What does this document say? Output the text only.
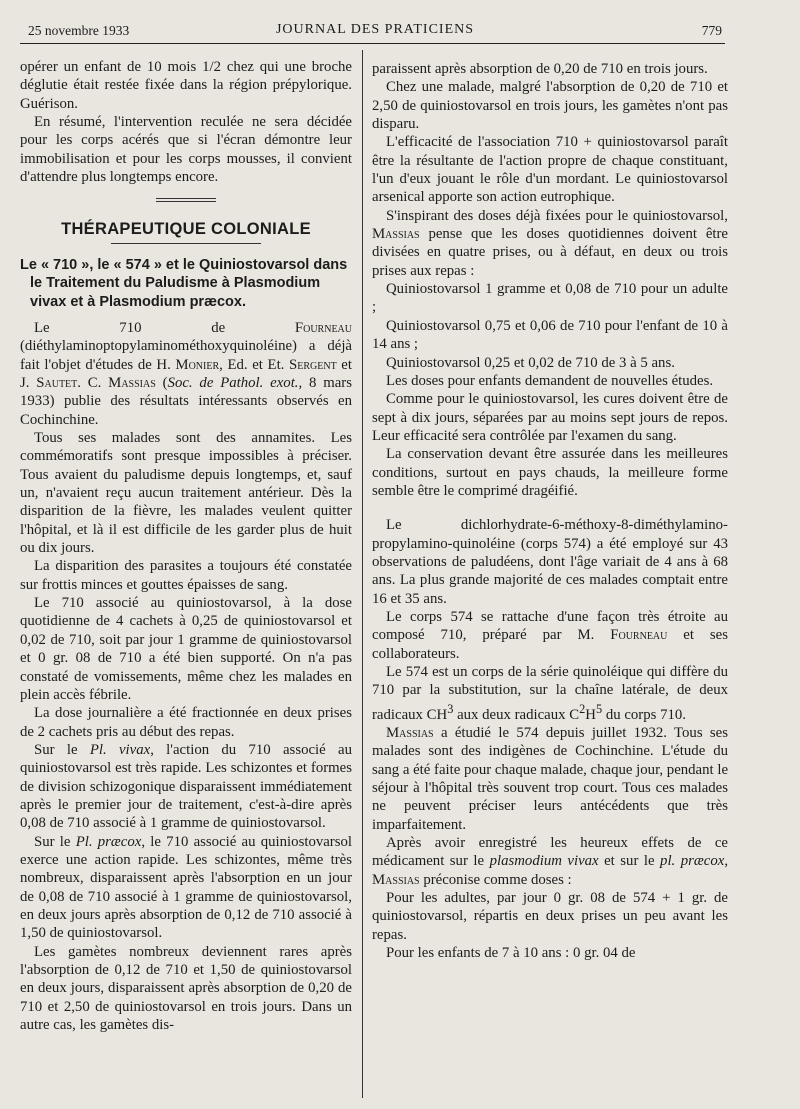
25 novembre 1933	JOURNAL DES PRATICIENS	779

opérer un enfant de 10 mois 1/2 chez qui une broche déglutie était restée fixée dans la région prépylorique. Guérison.

En résumé, l'intervention reculée ne sera décidée pour les corps acérés que si l'écran démontre leur immobilisation et pour les corps mousses, il convient d'attendre plus longtemps encore.

THÉRAPEUTIQUE COLONIALE
Le « 710 », le « 574 » et le Quiniostovarsol dans le Traitement du Paludisme à Plasmodium vivax et à Plasmodium præcox.

Le 710 de Fourneau (diéthylaminoptopylaminométhoxyquinoléine) a déjà fait l'objet d'études de H. Monier, Ed. et Et. Sergent et J. Sautet. C. Massias (Soc. de Pathol. exot., 8 mars 1933) publie des résultats intéressants observés en Cochinchine.

Tous ses malades sont des annamites. Les commémoratifs sont presque impossibles à préciser. Tous avaient du paludisme depuis longtemps, et, sauf un, n'avaient reçu aucun traitement antérieur. Dès la disparition de la fièvre, les malades veulent quitter l'hôpital, et là il est difficile de les garder plus de huit ou dix jours.

La disparition des parasites a toujours été constatée sur frottis minces et gouttes épaisses de sang.

Le 710 associé au quiniostovarsol, à la dose quotidienne de 4 cachets à 0,25 de quiniostovarsol et 0,02 de 710, soit par jour 1 gramme de quiniostovarsol et 0 gr. 08 de 710 a été bien supporté. On n'a pas constaté de vomissements, même chez les malades en plein accès fébrile.

La dose journalière a été fractionnée en deux prises de 2 cachets pris au début des repas.

Sur le Pl. vivax, l'action du 710 associé au quiniostovarsol est très rapide. Les schizontes et formes de division schizogonique disparaissent immédiatement après le premier jour de traitement, c'est-à-dire après 0,08 de 710 associé à 1 gramme de quiniostovarsol.

Sur le Pl. præcox, le 710 associé au quiniostovarsol exerce une action rapide. Les schizontes, même très nombreux, disparaissent après l'absorption en un jour de 0,08 de 710 associé à 1 gramme de quiniostovarsol, en deux jours après absorption de 0,12 de 710 associé à 1,50 de quiniostovarsol.

Les gamètes nombreux deviennent rares après l'absorption de 0,12 de 710 et 1,50 de quiniostovarsol en deux jours, disparaissent après absorption de 0,20 de 710 et 2,50 de quiniostovarsol en trois jours. Dans un autre cas, les gamètes dis-

paraissent après absorption de 0,20 de 710 en trois jours.

Chez une malade, malgré l'absorption de 0,20 de 710 et 2,50 de quiniostovarsol en trois jours, les gamètes n'ont pas disparu.

L'efficacité de l'association 710 + quiniostovarsol paraît être la résultante de l'action propre de chaque constituant, l'un d'eux jouant le rôle d'un mordant. Le quiniostovarsol arsenical apporte son action eutrophique.

S'inspirant des doses déjà fixées pour le quiniostovarsol, Massias pense que les doses quotidiennes doivent être divisées en quatre prises, ou à défaut, en deux ou trois prises aux repas :

Quiniostovarsol 1 gramme et 0,08 de 710 pour un adulte ;

Quiniostovarsol 0,75 et 0,06 de 710 pour l'enfant de 10 à 14 ans ;

Quiniostovarsol 0,25 et 0,02 de 710 de 3 à 5 ans.

Les doses pour enfants demandent de nouvelles études.

Comme pour le quiniostovarsol, les cures doivent être de sept à dix jours, séparées par au moins sept jours de repos. Leur efficacité sera contrôlée par l'examen du sang.

La conservation devant être assurée dans les meilleures conditions, surtout en pays chauds, la meilleure forme semble être le comprimé dragéifié.

Le dichlorhydrate-6-méthoxy-8-diméthylamino-propylamino-quinoléine (corps 574) a été employé sur 43 observations de paludéens, dont l'âge variait de 4 ans à 68 ans. La plus grande majorité de ces malades comptait entre 16 et 35 ans.

Le corps 574 se rattache d'une façon très étroite au composé 710, préparé par M. Fourneau et ses collaborateurs.

Le 574 est un corps de la série quinoléique qui diffère du 710 par la substitution, sur la chaîne latérale, de deux radicaux $CH^3$ aux deux radicaux $C^2H^5$ du corps 710.

Massias a étudié le 574 depuis juillet 1932. Tous ses malades sont des indigènes de Cochinchine. L'étude du sang a été faite pour chaque malade, chaque jour, pendant le séjour à l'hôpital très souvent trop court. Tous ces malades ne peuvent préciser leurs antécédents que très imparfaitement.

Après avoir enregistré les heureux effets de ce médicament sur le plasmodium vivax et sur le pl. præcox, Massias préconise comme doses :

Pour les adultes, par jour 0 gr. 08 de 574 + 1 gr. de quiniostovarsol, répartis en deux prises un peu avant les repas.

Pour les enfants de 7 à 10 ans : 0 gr. 04 de
